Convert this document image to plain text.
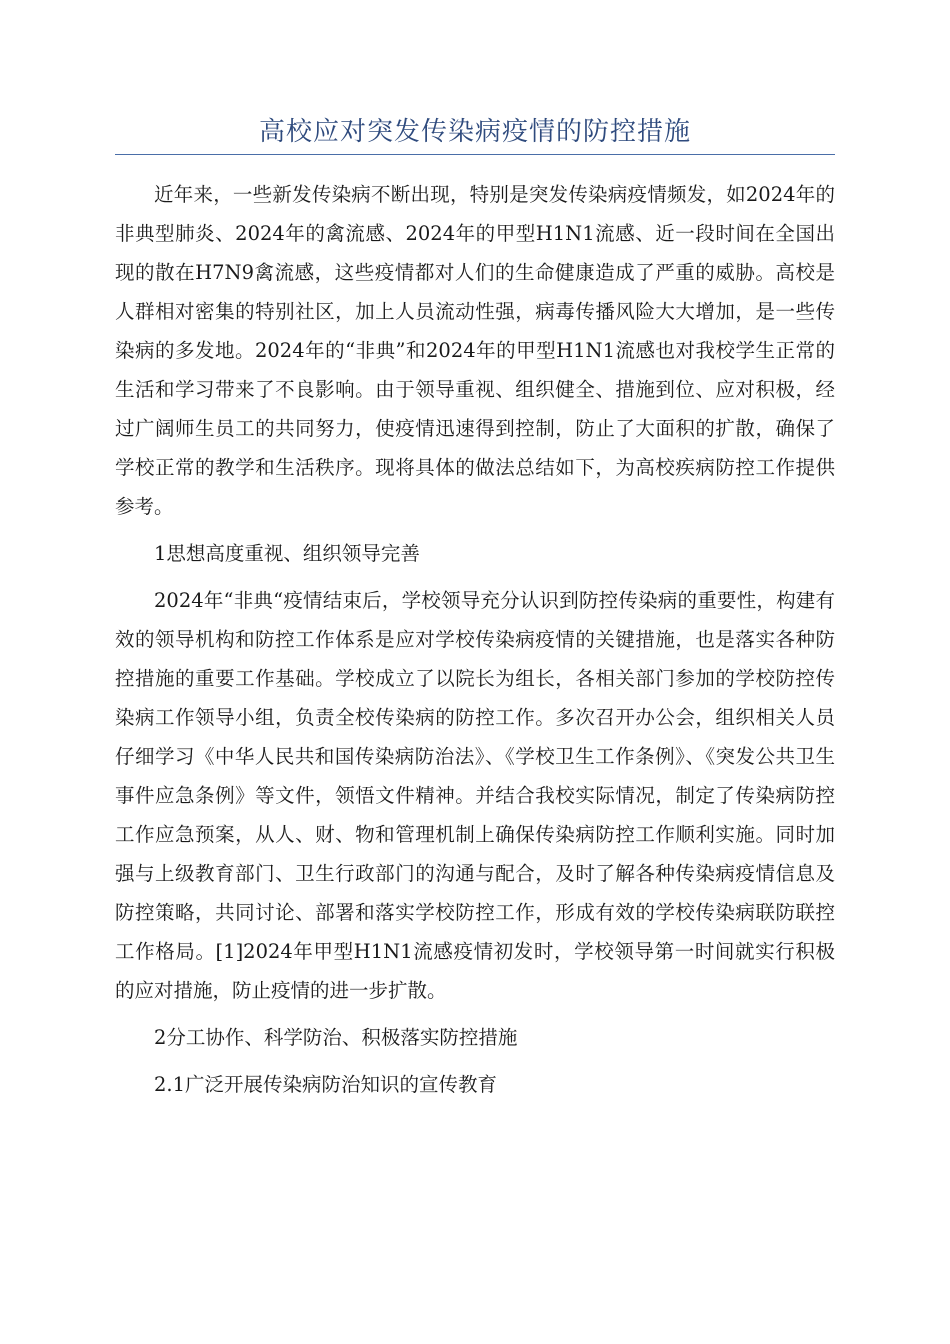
高校应对突发传染病疫情的防控措施

近年来，一些新发传染病不断出现，特别是突发传染病疫情频发，如2024年的非典型肺炎、2024年的禽流感、2024年的甲型H1N1流感、近一段时间在全国出现的散在H7N9禽流感，这些疫情都对人们的生命健康造成了严重的威胁。高校是人群相对密集的特别社区，加上人员流动性强，病毒传播风险大大增加，是一些传染病的多发地。2024年的“非典”和2024年的甲型H1N1流感也对我校学生正常的生活和学习带来了不良影响。由于领导重视、组织健全、措施到位、应对积极，经过广阔师生员工的共同努力，使疫情迅速得到控制，防止了大面积的扩散，确保了学校正常的教学和生活秩序。现将具体的做法总结如下，为高校疾病防控工作提供参考。

1思想高度重视、组织领导完善

2024年“非典“疫情结束后，学校领导充分认识到防控传染病的重要性，构建有效的领导机构和防控工作体系是应对学校传染病疫情的关键措施，也是落实各种防控措施的重要工作基础。学校成立了以院长为组长，各相关部门参加的学校防控传染病工作领导小组，负责全校传染病的防控工作。多次召开办公会，组织相关人员仔细学习《中华人民共和国传染病防治法》、《学校卫生工作条例》、《突发公共卫生事件应急条例》等文件，领悟文件精神。并结合我校实际情况，制定了传染病防控工作应急预案，从人、财、物和管理机制上确保传染病防控工作顺利实施。同时加强与上级教育部门、卫生行政部门的沟通与配合，及时了解各种传染病疫情信息及防控策略，共同讨论、部署和落实学校防控工作，形成有效的学校传染病联防联控工作格局。[1]2024年甲型H1N1流感疫情初发时，学校领导第一时间就实行积极的应对措施，防止疫情的进一步扩散。

2分工协作、科学防治、积极落实防控措施

2.1广泛开展传染病防治知识的宣传教育
